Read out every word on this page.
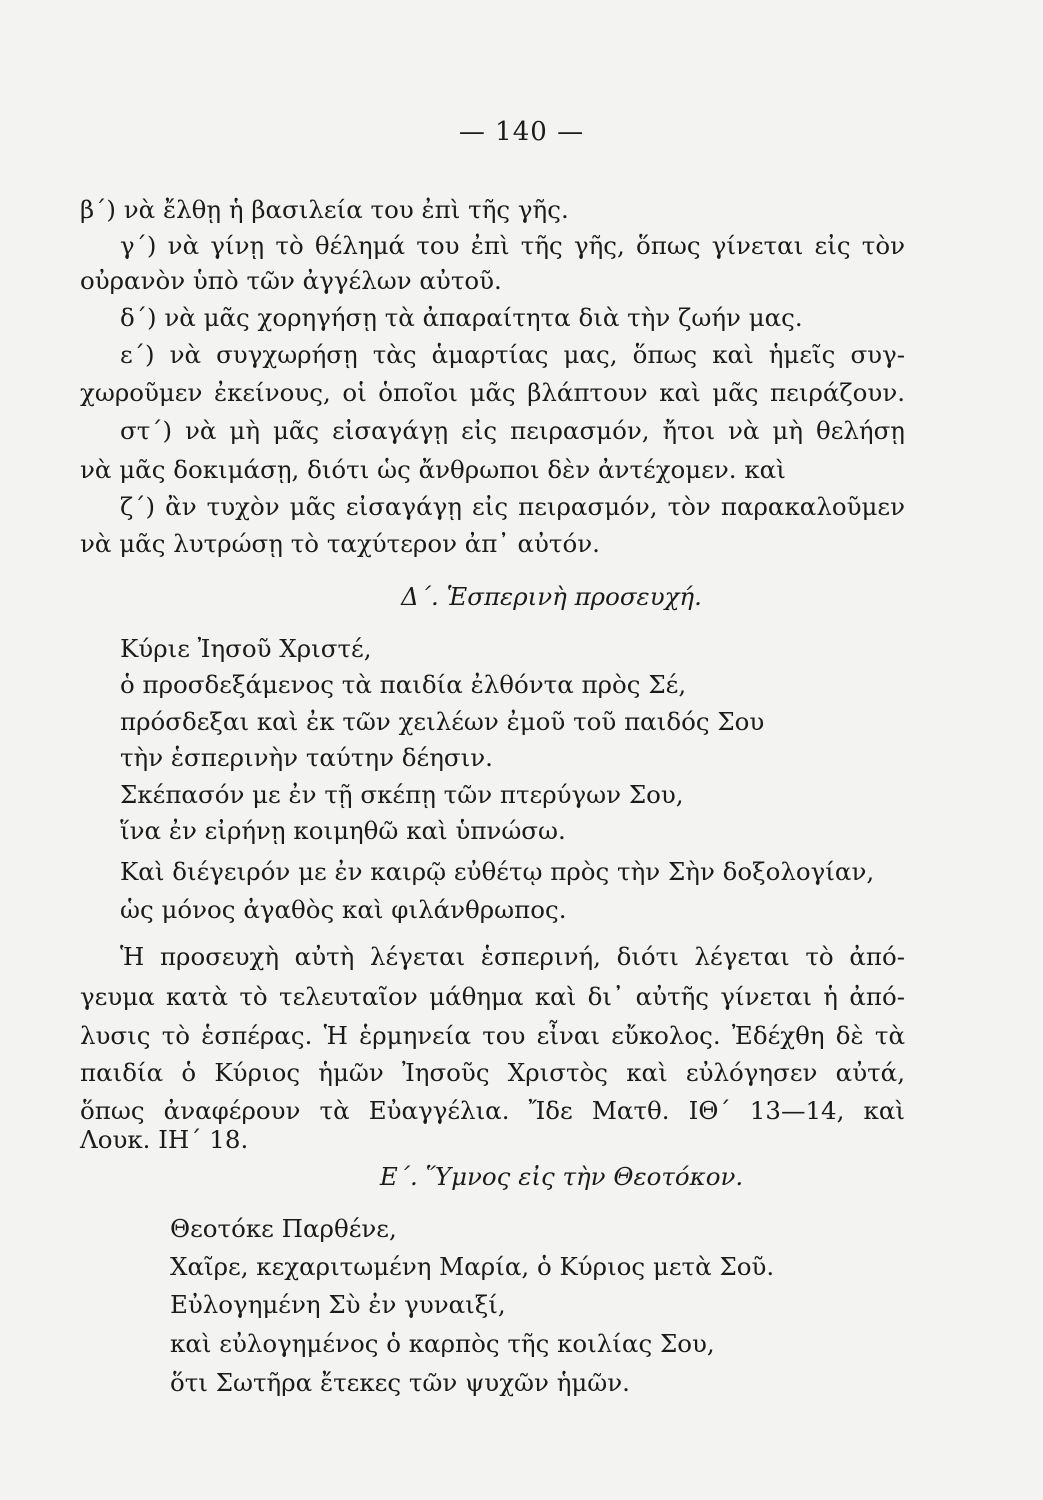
— 140 —
β΄) νὰ ἔλθῃ ἡ βασιλεία του ἐπὶ τῆς γῆς.
γ΄) νὰ γίνῃ τὸ θέλημά του ἐπὶ τῆς γῆς, ὅπως γίνεται εἰς τὸν
οὐρανὸν ὑπὸ τῶν ἀγγέλων αὐτοῦ.
δ΄) νὰ μᾶς χορηγήσῃ τὰ ἀπαραίτητα διὰ τὴν ζωήν μας.
ε΄) νὰ συγχωρήσῃ τὰς ἁμαρτίας μας, ὅπως καὶ ἡμεῖς συγ-
χωροῦμεν ἐκείνους, οἱ ὁποῖοι μᾶς βλάπτουν καὶ μᾶς πειράζουν.
στ΄) νὰ μὴ μᾶς εἰσαγάγῃ εἰς πειρασμόν, ἤτοι νὰ μὴ θελήσῃ
νὰ μᾶς δοκιμάσῃ, διότι ὡς ἄνθρωποι δὲν ἀντέχομεν. καὶ
ζ΄) ἂν τυχὸν μᾶς εἰσαγάγῃ εἰς πειρασμόν, τὸν παρακαλοῦμεν
νὰ μᾶς λυτρώσῃ τὸ ταχύτερον ἀπ᾽ αὐτόν.
Δ΄. Ἑσπερινὴ προσευχή.
Κύριε Ἰησοῦ Χριστέ,
ὁ προσδεξάμενος τὰ παιδία ἐλθόντα πρὸς Σέ,
πρόσδεξαι καὶ ἐκ τῶν χειλέων ἐμοῦ τοῦ παιδός Σου
τὴν ἑσπερινὴν ταύτην δέησιν.
Σκέπασόν με ἐν τῇ σκέπῃ τῶν πτερύγων Σου,
ἵνα ἐν εἰρήνῃ κοιμηθῶ καὶ ὑπνώσω.
Καὶ διέγειρόν με ἐν καιρῷ εὐθέτῳ πρὸς τὴν Σὴν δοξολογίαν,
ὡς μόνος ἀγαθὸς καὶ φιλάνθρωπος.
Ἡ προσευχὴ αὐτὴ λέγεται ἑσπερινή, διότι λέγεται τὸ ἀπό-
γευμα κατὰ τὸ τελευταῖον μάθημα καὶ δι᾽ αὐτῆς γίνεται ἡ ἀπό-
λυσις τὸ ἑσπέρας. Ἡ ἑρμηνεία του εἶναι εὔκολος. Ἐδέχθη δὲ τὰ
παιδία ὁ Κύριος ἡμῶν Ἰησοῦς Χριστὸς καὶ εὐλόγησεν αὐτά,
ὅπως ἀναφέρουν τὰ Εὐαγγέλια. Ἴδε Ματθ. ΙΘ΄ 13—14, καὶ
Λουκ. ΙΗ΄ 18.
Ε΄. Ὕμνος εἰς τὴν Θεοτόκον.
Θεοτόκε Παρθένε,
Χαῖρε, κεχαριτωμένη Μαρία, ὁ Κύριος μετὰ Σοῦ.
Εὐλογημένη Σὺ ἐν γυναιξί,
καὶ εὐλογημένος ὁ καρπὸς τῆς κοιλίας Σου,
ὅτι Σωτῆρα ἔτεκες τῶν ψυχῶν ἡμῶν.
